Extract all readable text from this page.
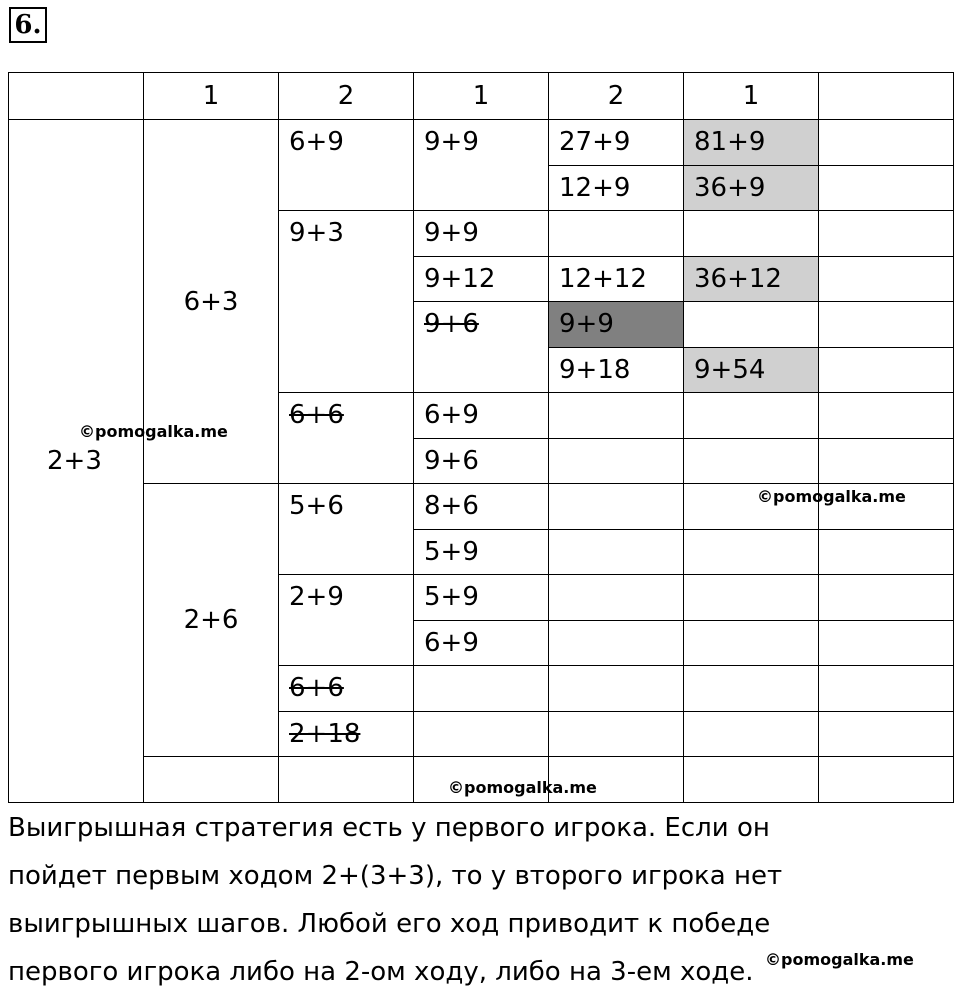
6.
	1	2	1	2	1	
2+3	6+3	6+9	9+9	27+9	81+9	
				12+9	36+9	
		9+3	9+9			
			9+12	12+12	36+12	
			9+6	9+9		
				9+18	9+54	
		6+6	6+9			
			9+6			
	2+6	5+6	8+6			
			5+9			
		2+9	5+9			
			6+9			
		6+6				
		2+18				

©pomogalka.me
©pomogalka.me
©pomogalka.me
©pomogalka.me
Выигрышная стратегия есть у первого игрока. Если он
пойдет первым ходом 2+(3+3), то у второго игрока нет
выигрышных шагов. Любой его ход приводит к победе
первого игрока либо на 2-ом ходу, либо на 3-ем ходе.
